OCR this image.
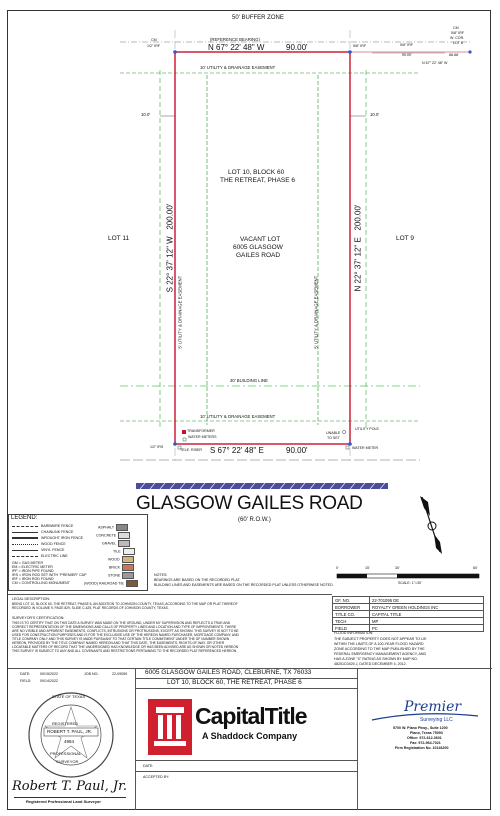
50' BUFFER ZONE
CM
1/2" IRF
(REFERENCE BEARING)
N 67° 22' 48" W	90.00'	5/8" IRF	5/8" IRF
90.00'	88.88'
CM
5/8" IRF
W. COR.
LOT 8
N 67° 22' 48" W
10' UTILITY & DRAINAGE EASEMENT
10.0'	10.0'
LOT 10, BLOCK 60
THE RETREAT, PHASE 6
VACANT LOT
6005 GLASGOW
GAILES ROAD
LOT 11	LOT 9
S 22° 37' 12" W   200.00'
N 22° 37' 12" E   200.00'
5' UTILITY & DRAINAGE EASEMENT	5' UTILITY & DRAINAGE EASEMENT
30' BUILDING LINE
10' UTILITY & DRAINAGE EASEMENT
TRANSFORMER
WATER METERS
1/2" IRS
TELE. RISER
UNABLE
TO SET
UTILITY POLE
WATER METER
S 67° 22' 48" E	90.00'
GLASGOW GAILES ROAD
(60' R.O.W.)
LEGEND:
BARBWIRE FENCE
CHAINLINK FENCE
WROUGHT IRON FENCE
WOOD FENCE
VINYL FENCE
ELECTRIC LINE
GM = GAS METER
EM = ELECTRIC METER
IPF = IRON PIPE FOUND
IRS = IRON ROD SET WITH "PREMIER" CAP
IRF = IRON ROD FOUND
CM = CONTROLLING MONUMENT
ASPHALT
CONCRETE
GRAVEL
TILE
WOOD
BRICK
STONE
(WOOD) RAILROAD TIE
NOTES:
BEARINGS ARE BASED ON THE RECORDED PLAT.
BUILDING LINES AND EASEMENTS ARE BASED ON THE RECORDED PLAT UNLESS OTHERWISE NOTED.
0'	15'	30'	60'
SCALE: 1"=30'
GF. NO.	22-701095 DE
BORROWER	ROYALTY GREEN HOLDINGS INC
TITLE CO.	CAPITAL TITLE
TECH	MP
FIELD	PC
LEGAL DESCRIPTION:
BEING LOT 10, BLOCK 60, THE RETREAT, PHASE 6, AN ADDITION TO JOHNSON COUNTY, TEXAS, ACCORDING TO THE MAP OR PLAT THEREOF
RECORDED IN VOLUME 9, PAGE 829, SLIDE C-425, PLAT RECORDS OF JOHNSON COUNTY, TEXAS.
SURVEYOR'S CERTIFICATION:
THIS IS TO CERTIFY THAT ON THIS DATE A SURVEY WAS MADE ON THE GROUND, UNDER MY SUPERVISION AND REFLECTS A TRUE AND
CORRECT REPRESENTATION OF THE DIMENSIONS AND CALLS OF PROPERTY LINES AND LOCATION AND TYPE OF IMPROVEMENTS. THERE
ARE NO VISIBLE AND APPARENT EASEMENTS, CONFLICTS, INTRUSIONS OR PROTRUSIONS, EXCEPT AS SHOWN. THIS SURVEY IS NOT TO BE
USED FOR CONSTRUCTION PURPOSES AND IS FOR THE EXCLUSIVE USE OF THE HEREON NAMED PURCHASER, MORTGAGE COMPANY, AND
TITLE COMPANY ONLY AND THIS SURVEY IS MADE PURSUANT TO THAT CERTAIN TITLE COMMITMENT UNDER THE GF NUMBER SHOWN
HEREON, PROVIDED BY THE TITLE COMPANY NAMED HEREON AND THAT THIS DATE, THE EASEMENTS, RIGHTS-OF-WAY, OR OTHER
LOCATABLE MATTERS OF RECORD THAT THE UNDERSIGNED HAS KNOWLEDGE OR HAS BEEN ADVISED ARE AS SHOWN OR NOTED HEREON
THIS SURVEY IS SUBJECT TO ANY AND ALL COVENANTS AND RESTRICTIONS PERTAINING TO THE RECORDED PLAT REFERENCED HEREON.
FLOOD INFORMATION:
THE SUBJECT PROPERTY DOES NOT APPEAR TO LIE
WITHIN THE LIMITS OF A 100-YEAR FLOOD HAZARD
ZONE ACCORDING TO THE MAP PUBLISHED BY THE
FEDERAL EMERGENCY MANAGEMENT AGENCY, AND
HAS A ZONE "X" RATING AS SHOWN BY MAP NO.
48251C0425 J, DATED DECEMBER 4, 2012.
DATE:	09/15/2022
FIELD: 09/14/2022
JOB NO.:	22-09059	6005 GLASGOW GAILES ROAD, CLEBURNE, TX 76033
LOT 10, BLOCK 60, THE RETREAT, PHASE 6
CapitalTitle
A Shaddock Company
DATE:
ACCEPTED BY:
STATE OF TEXAS
REGISTERED
ROBERT T. PAUL, JR.
4984
PROFESSIONAL
SURVEYOR
Robert T. Paul, Jr.
Registered Professional Land Surveyor
Premier
Surveying LLC
5700 W. Plano Pkwy., Suite 1200
Plano, Texas 75093
Office: 972-612-3601
Fax: 972-964-7021
Firm Registration No. 10146200
